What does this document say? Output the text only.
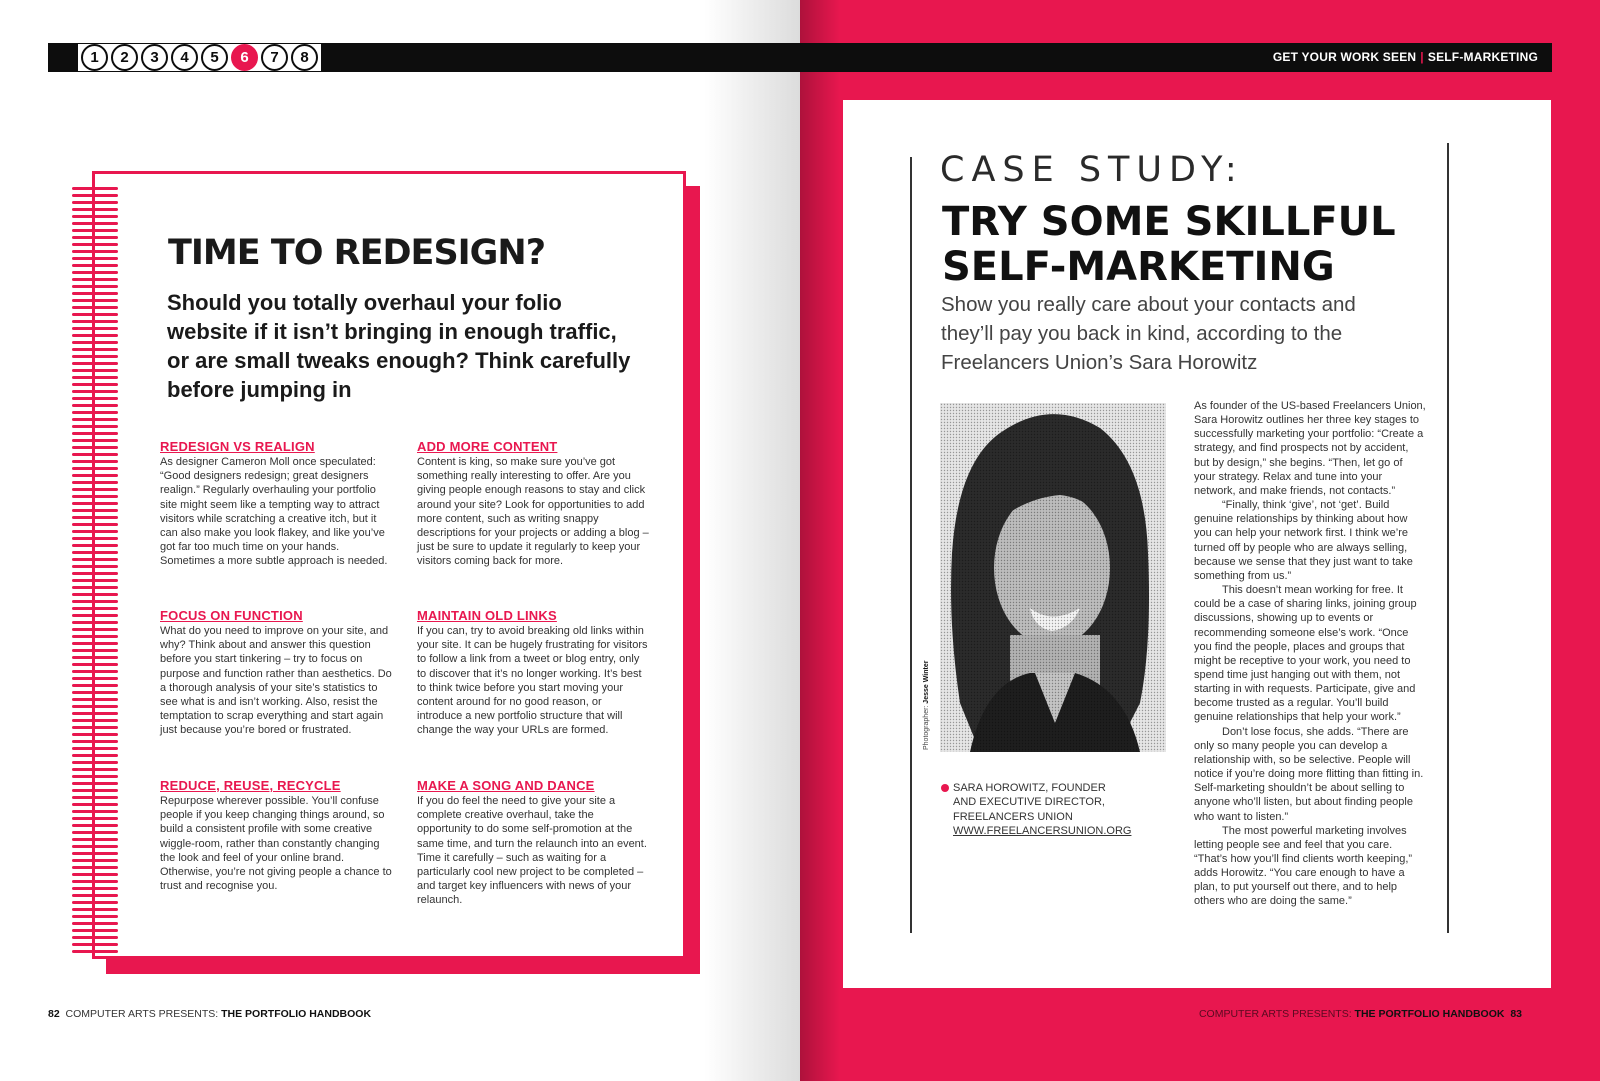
1	2	3	4	5	6	7	8	GET YOUR WORK SEEN | SELF-MARKETING
TIME TO REDESIGN?
Should you totally overhaul your folio website if it isn’t bringing in enough traffic, or are small tweaks enough? Think carefully before jumping in
REDESIGN VS REALIGN

As designer Cameron Moll once speculated: “Good designers redesign; great designers realign.” Regularly overhauling your portfolio site might seem like a tempting way to attract visitors while scratching a creative itch, but it can also make you look flakey, and like you’ve got far too much time on your hands. Sometimes a more subtle approach is needed.

ADD MORE CONTENT

Content is king, so make sure you’ve got something really interesting to offer. Are you giving people enough reasons to stay and click around your site? Look for opportunities to add more content, such as writing snappy descriptions for your projects or adding a blog – just be sure to update it regularly to keep your visitors coming back for more.

FOCUS ON FUNCTION

What do you need to improve on your site, and why? Think about and answer this question before you start tinkering – try to focus on purpose and function rather than aesthetics. Do a thorough analysis of your site’s statistics to see what is and isn’t working. Also, resist the temptation to scrap everything and start again just because you’re bored or frustrated.

MAINTAIN OLD LINKS

If you can, try to avoid breaking old links within your site. It can be hugely frustrating for visitors to follow a link from a tweet or blog entry, only to discover that it’s no longer working. It’s best to think twice before you start moving your content around for no good reason, or introduce a new portfolio structure that will change the way your URLs are formed.

REDUCE, REUSE, RECYCLE

Repurpose wherever possible. You’ll confuse people if you keep changing things around, so build a consistent profile with some creative wiggle-room, rather than constantly changing the look and feel of your online brand. Otherwise, you’re not giving people a chance to trust and recognise you.

MAKE A SONG AND DANCE

If you do feel the need to give your site a complete creative overhaul, take the opportunity to do some self-promotion at the same time, and turn the relaunch into an event. Time it carefully – such as waiting for a particularly cool new project to be completed – and target key influencers with news of your relaunch.

82 COMPUTER ARTS PRESENTS: THE PORTFOLIO HANDBOOK
CASE STUDY:
TRY SOME SKILLFUL SELF-MARKETING
Show you really care about your contacts and they’ll pay you back in kind, according to the Freelancers Union’s Sara Horowitz
Photographer: Jesse Winter
SARA HOROWITZ, FOUNDER
AND EXECUTIVE DIRECTOR,
FREELANCERS UNION
WWW.FREELANCERSUNION.ORG

As founder of the US-based Freelancers Union, Sara Horowitz outlines her three key stages to successfully marketing your portfolio: “Create a strategy, and find prospects not by accident, but by design,” she begins. “Then, let go of your strategy. Relax and tune into your network, and make friends, not contacts.”

“Finally, think ‘give’, not ‘get’. Build genuine relationships by thinking about how you can help your network first. I think we’re turned off by people who are always selling, because we sense that they just want to take something from us.”

This doesn’t mean working for free. It could be a case of sharing links, joining group discussions, showing up to events or recommending someone else’s work. “Once you find the people, places and groups that might be receptive to your work, you need to spend time just hanging out with them, not starting in with requests. Participate, give and become trusted as a regular. You’ll build genuine relationships that help your work.”

Don’t lose focus, she adds. “There are only so many people you can develop a relationship with, so be selective. People will notice if you’re doing more flitting than fitting in. Self-marketing shouldn’t be about selling to anyone who’ll listen, but about finding people who want to listen.”

The most powerful marketing involves letting people see and feel that you care. “That’s how you’ll find clients worth keeping,” adds Horowitz. “You care enough to have a plan, to put yourself out there, and to help others who are doing the same.”

COMPUTER ARTS PRESENTS: THE PORTFOLIO HANDBOOK 83
